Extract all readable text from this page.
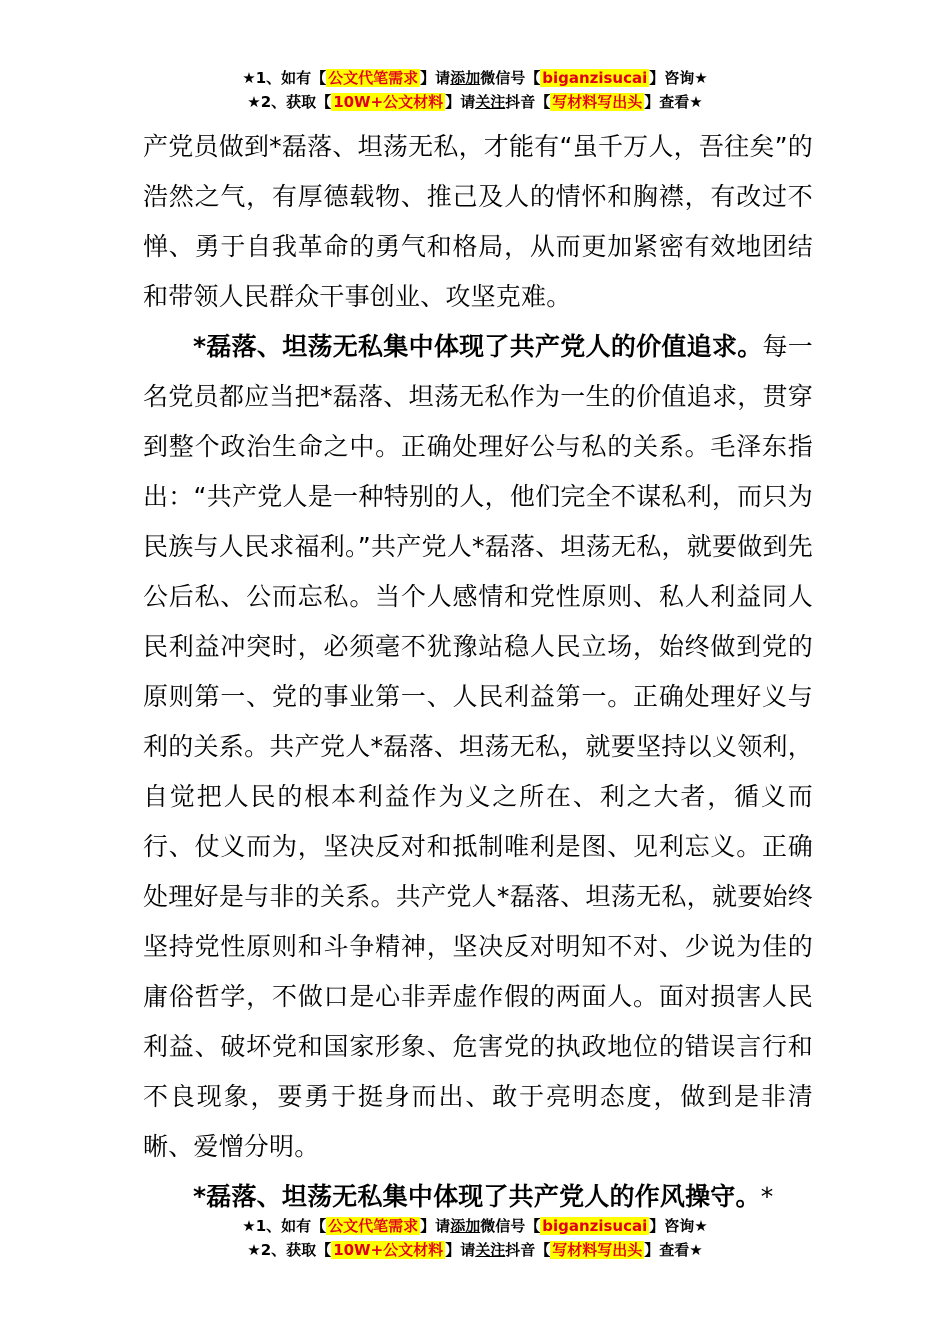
★1、如有【 公文代笔需求 】请添加微信号【 biganzisucai 】咨询★
★2、获取【 10W+公文材料 】请关注抖音【 写材料写出头 】查看★

产党员做到*磊落、坦荡无私，才能有“虽千万人，吾往矣”的浩然之气，有厚德载物、推己及人的情怀和胸襟，有改过不惮、勇于自我革命的勇气和格局，从而更加紧密有效地团结和带领人民群众干事创业、攻坚克难。

*磊落、坦荡无私集中体现了共产党人的价值追求。每一名党员都应当把*磊落、坦荡无私作为一生的价值追求，贯穿到整个政治生命之中。正确处理好公与私的关系。毛泽东指出：“共产党人是一种特别的人，他们完全不谋私利，而只为民族与人民求福利。”共产党人*磊落、坦荡无私，就要做到先公后私、公而忘私。当个人感情和党性原则、私人利益同人民利益冲突时，必须毫不犹豫站稳人民立场，始终做到党的原则第一、党的事业第一、人民利益第一。正确处理好义与利的关系。共产党人*磊落、坦荡无私，就要坚持以义领利，自觉把人民的根本利益作为义之所在、利之大者，循义而行、仗义而为，坚决反对和抵制唯利是图、见利忘义。正确处理好是与非的关系。共产党人*磊落、坦荡无私，就要始终坚持党性原则和斗争精神，坚决反对明知不对、少说为佳的庸俗哲学，不做口是心非弄虚作假的两面人。面对损害人民利益、破坏党和国家形象、危害党的执政地位的错误言行和不良现象，要勇于挺身而出、敢于亮明态度，做到是非清晰、爱憎分明。

*磊落、坦荡无私集中体现了共产党人的作风操守。*

★1、如有【 公文代笔需求 】请添加微信号【 biganzisucai 】咨询★
★2、获取【 10W+公文材料 】请关注抖音【 写材料写出头 】查看★
